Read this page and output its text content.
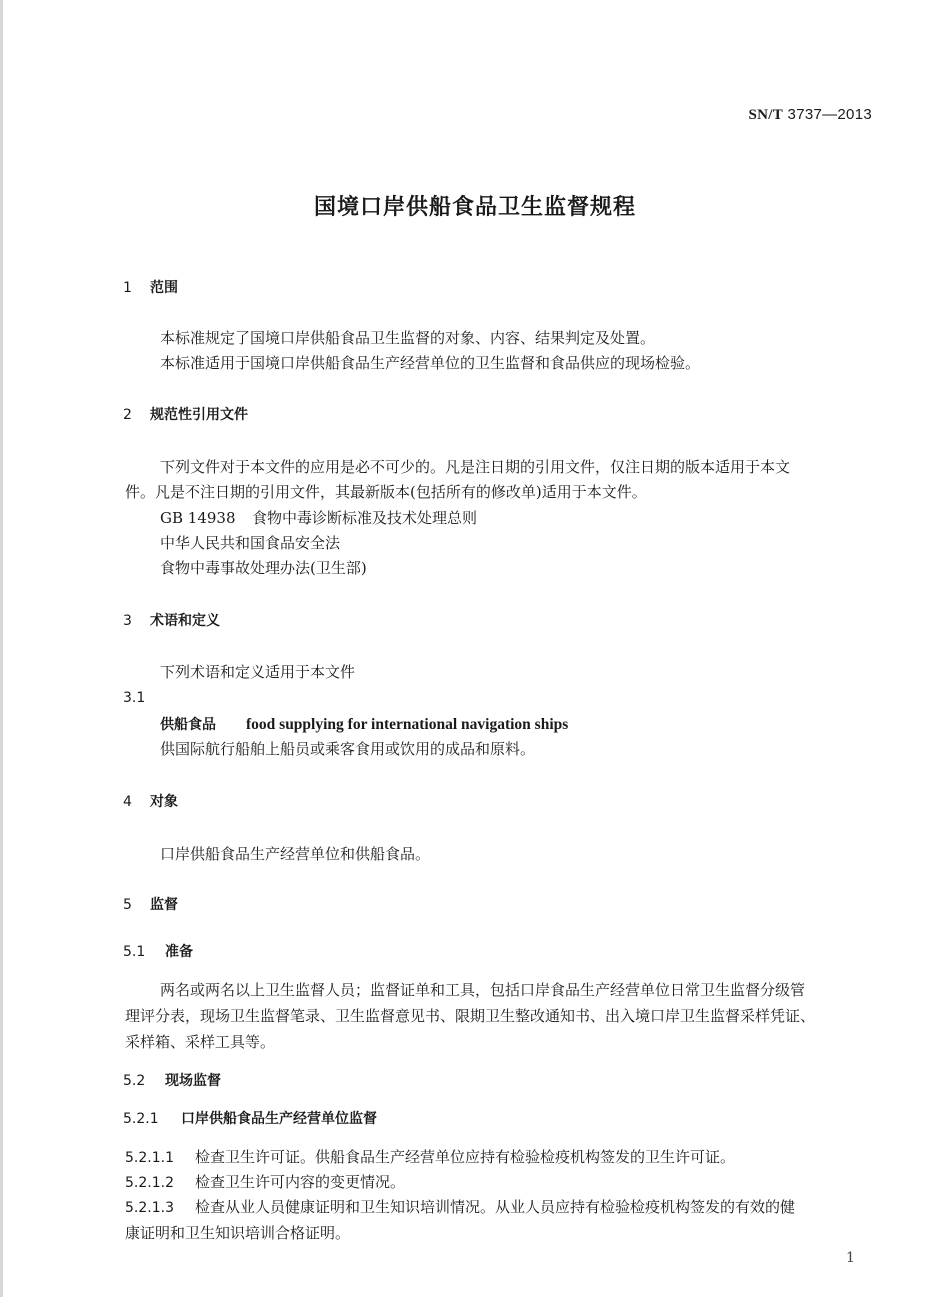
SN/T 3737—2013
国境口岸供船食品卫生监督规程
1 范围
本标准规定了国境口岸供船食品卫生监督的对象、内容、结果判定及处置。
本标准适用于国境口岸供船食品生产经营单位的卫生监督和食品供应的现场检验。
2 规范性引用文件
下列文件对于本文件的应用是必不可少的。凡是注日期的引用文件，仅注日期的版本适用于本文
件。凡是不注日期的引用文件，其最新版本(包括所有的修改单)适用于本文件。
GB 14938 食物中毒诊断标准及技术处理总则
中华人民共和国食品安全法
食物中毒事故处理办法(卫生部)
3 术语和定义
下列术语和定义适用于本文件
3.1
供船食品 food supplying for international navigation ships
供国际航行船舶上船员或乘客食用或饮用的成品和原料。
4 对象
口岸供船食品生产经营单位和供船食品。
5 监督
5.1 准备
两名或两名以上卫生监督人员；监督证单和工具，包括口岸食品生产经营单位日常卫生监督分级管
理评分表，现场卫生监督笔录、卫生监督意见书、限期卫生整改通知书、出入境口岸卫生监督采样凭证、
采样箱、采样工具等。
5.2 现场监督
5.2.1 口岸供船食品生产经营单位监督
5.2.1.1 检查卫生许可证。供船食品生产经营单位应持有检验检疫机构签发的卫生许可证。
5.2.1.2 检查卫生许可内容的变更情况。
5.2.1.3 检查从业人员健康证明和卫生知识培训情况。从业人员应持有检验检疫机构签发的有效的健
康证明和卫生知识培训合格证明。
1
